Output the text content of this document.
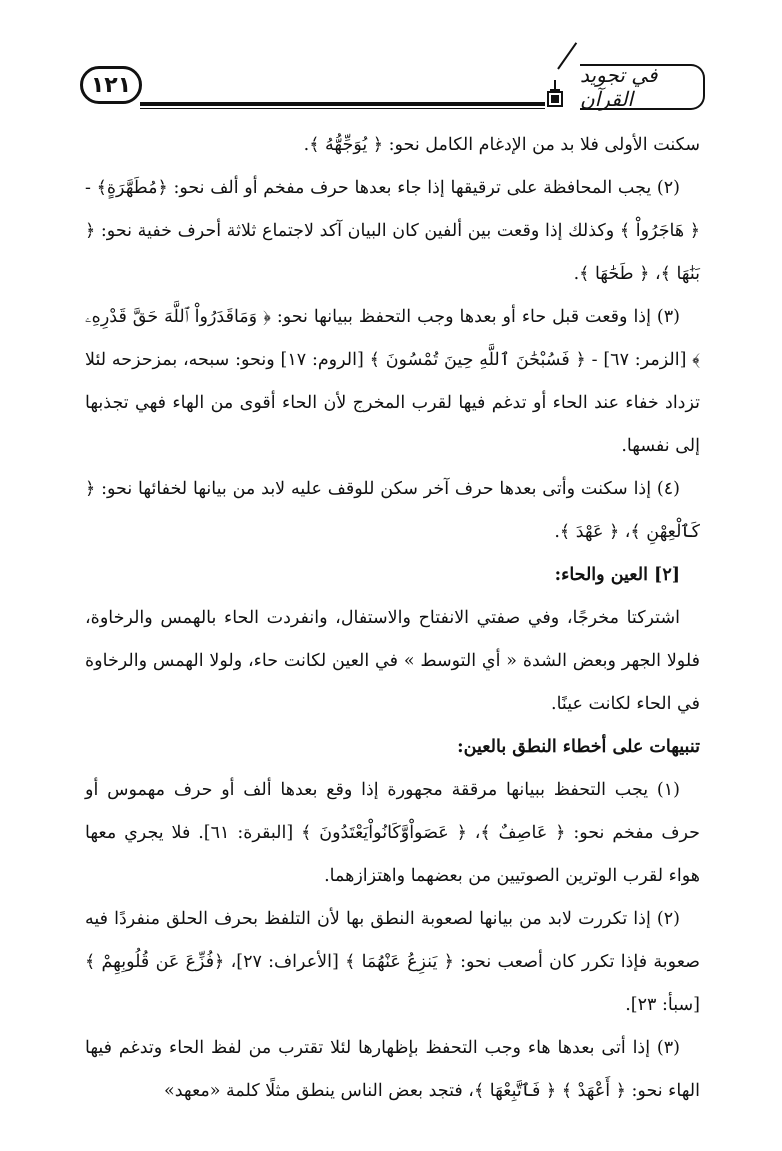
١٢١	في تجويد القرآن

سكنت الأولى فلا بد من الإدغام الكامل نحو: ﴿ يُوَجِّهُّهُ ﴾.

(٢) يجب المحافظة على ترقيقها إذا جاء بعدها حرف مفخم أو ألف نحو: ﴿مُطَهَّرَةٍ﴾ - ﴿ هَاجَرُواْ ﴾ وكذلك إذا وقعت بين ألفين كان البيان آكد لاجتماع ثلاثة أحرف خفية نحو: ﴿ بَنَٰهَا ﴾، ﴿ طَحَٰهَا ﴾.

(٣) إذا وقعت قبل حاء أو بعدها وجب التحفظ ببيانها نحو: ﴿ وَمَاقَدَرُواْ ٱللَّهَ حَقَّ قَدْرِهِۦ ﴾ [الزمر: ٦٧] - ﴿ فَسُبْحَٰنَ ٱللَّهِ حِينَ تُمْسُونَ ﴾ [الروم: ١٧] ونحو: سبحه، بمزحزحه لئلا تزداد خفاء عند الحاء أو تدغم فيها لقرب المخرج لأن الحاء أقوى من الهاء فهي تجذبها إلى نفسها.

(٤) إذا سكنت وأتى بعدها حرف آخر سكن للوقف عليه لابد من بيانها لخفائها نحو: ﴿ كَٱلْعِهْنِ ﴾، ﴿ عَهْدَ ﴾.

[٢] العين والحاء:

اشتركتا مخرجًا، وفي صفتي الانفتاح والاستفال، وانفردت الحاء بالهمس والرخاوة، فلولا الجهر وبعض الشدة « أي التوسط » في العين لكانت حاء، ولولا الهمس والرخاوة في الحاء لكانت عينًا.

تنبيهات على أخطاء النطق بالعين:

(١) يجب التحفظ ببيانها مرققة مجهورة إذا وقع بعدها ألف أو حرف مهموس أو حرف مفخم نحو: ﴿ عَاصِفٌ ﴾، ﴿ عَصَواْوَّكَانُواْيَعْتَدُونَ ﴾ [البقرة: ٦١]. فلا يجري معها هواء لقرب الوترين الصوتيين من بعضهما واهتزازهما.

(٢) إذا تكررت لابد من بيانها لصعوبة النطق بها لأن التلفظ بحرف الحلق منفردًا فيه صعوبة فإذا تكرر كان أصعب نحو: ﴿ يَنزِعُ عَنْهُمَا ﴾ [الأعراف: ٢٧]، ﴿فُزِّعَ عَن قُلُوبِهِمْ ﴾ [سبأ: ٢٣].

(٣) إذا أتى بعدها هاء وجب التحفظ بإظهارها لئلا تقترب من لفظ الحاء وتدغم فيها الهاء نحو: ﴿ أَعْهَدْ ﴾ ﴿ فَٱتَّبِعْهَا ﴾، فتجد بعض الناس ينطق مثلًا كلمة «معهد»
